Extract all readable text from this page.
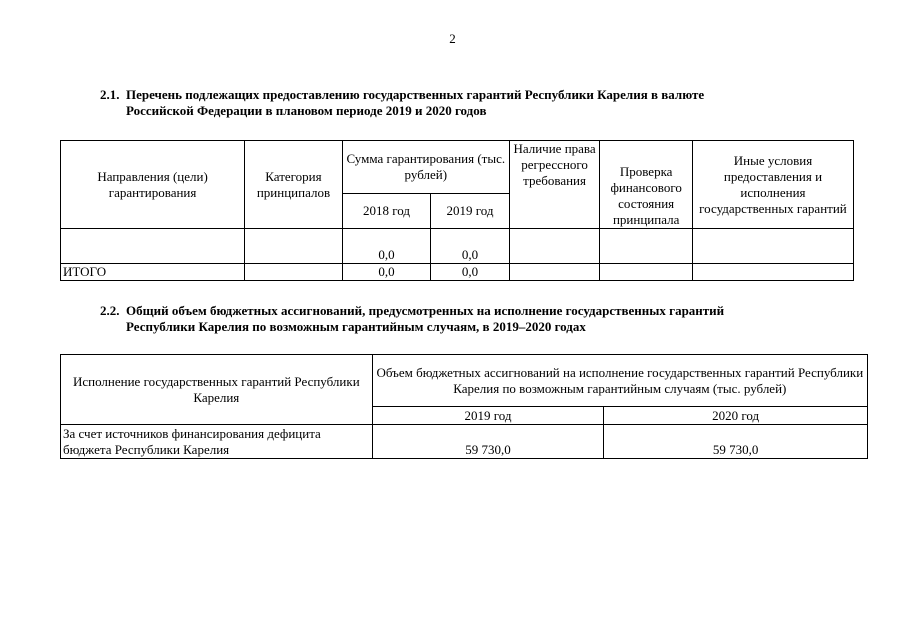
2
2.1. Перечень подлежащих предоставлению государственных гарантий Республики Карелия в валюте
Российской Федерации в плановом периоде 2019 и 2020 годов
Направления (цели) гарантирования	Категория принципалов	Сумма гарантирования (тыс. рублей)		Наличие права регрессного требования	Проверка финансового состояния принципала	Иные условия предоставления и исполнения государственных гарантий
		2018 год	2019 год			
		0,0	0,0			
ИТОГО		0,0	0,0			
2.2. Общий объем бюджетных ассигнований, предусмотренных на исполнение государственных гарантий
Республики Карелия по возможным гарантийным случаям, в 2019–2020 годах
Исполнение государственных гарантий Республики Карелия	Объем бюджетных ассигнований на исполнение государственных гарантий Республики Карелия по возможным гарантийным случаям (тыс. рублей)	
	2019 год	2020 год
За счет источников финансирования дефицита бюджета Республики Карелия	59 730,0	59 730,0
